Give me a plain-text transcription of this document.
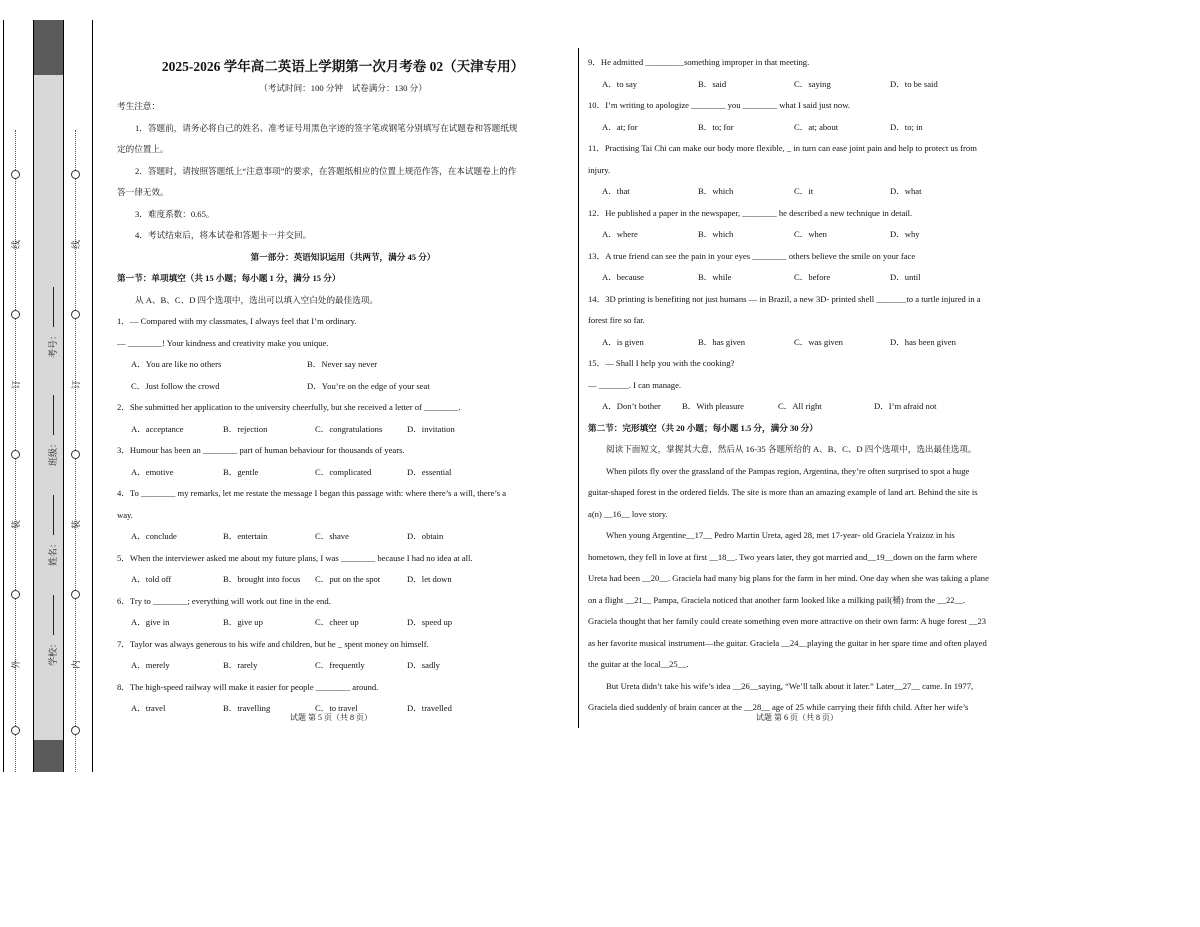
线
订
装
外
线
订
装
内
学校：
姓名：
班级：
考号：
2025-2026 学年高二英语上学期第一次月考卷 02（天津专用）
（考试时间：100 分钟　试卷满分：130 分）
考生注意：
1．答题前，请务必将自己的姓名、准考证号用黑色字迹的签字笔或钢笔分别填写在试题卷和答题纸规
定的位置上。
2．答题时，请按照答题纸上“注意事项”的要求，在答题纸相应的位置上规范作答，在本试题卷上的作
答一律无效。
3．难度系数：0.65。
4．考试结束后，将本试卷和答题卡一并交回。
第一部分：英语知识运用（共两节，满分 45 分）
第一节：单项填空（共 15 小题；每小题 1 分，满分 15 分）
从 A、B、C、D 四个选项中，选出可以填入空白处的最佳选项。
1．— Compared with my classmates, I always feel that I’m ordinary.
— ________! Your kindness and creativity make you unique.
A．You are like no others	B．Never say never
C．Just follow the crowd	D．You’re on the edge of your seat
2．She submitted her application to the university cheerfully, but she received a letter of ________.
A．acceptance	B．rejection	C．congratulations	D．invitation
3．Humour has been an ________ part of human behaviour for thousands of years.
A．emotive	B．gentle	C．complicated	D．essential
4．To ________ my remarks, let me restate the message I began this passage with: where there’s a will, there’s a
way.
A．conclude	B．entertain	C．shave	D．obtain
5．When the interviewer asked me about my future plans, I was ________ because I had no idea at all.
A．told off	B．brought into focus	C．put on the spot	D．let down
6．Try to ________; everything will work out fine in the end.
A．give in	B．give up	C．cheer up	D．speed up
7．Taylor was always generous to his wife and children, but he _ spent money on himself.
A．merely	B．rarely	C．frequently	D．sadly
8．The high-speed railway will make it easier for people ________ around.
A．travel	B．travelling	C．to travel	D．travelled
试题 第 5 页（共 8 页）
9．He admitted _________something improper in that meeting.
A．to say	B．said	C．saying	D．to be said
10．I’m writing to apologize ________ you ________ what I said just now.
A．at; for	B．to; for	C．at; about	D．to; in
11．Practising Tai Chi can make our body more flexible, _ in turn can ease joint pain and help to protect us from
injury.
A．that	B．which	C．it	D．what
12．He published a paper in the newspaper, ________ he described a new technique in detail.
A．where	B．which	C．when	D．why
13．A true friend can see the pain in your eyes ________ others believe the smile on your face
A．because	B．while	C．before	D．until
14．3D printing is benefiting not just humans — in Brazil, a new 3D- printed shell _______to a turtle injured in a
forest fire so far.
A．is given	B．has given	C．was given	D．has been given
15．— Shall I help you with the cooking?
— _______. I can manage.
A．Don’t bother	B．With pleasure	C．All right	D．I’m afraid not
第二节：完形填空（共 20 小题；每小题 1.5 分，满分 30 分）
阅读下面短文，掌握其大意，然后从 16-35 各题所给的 A、B、C、D 四个选项中，选出最佳选项。
When pilots fly over the grassland of the Pampas region, Argentina, they’re often surprised to spot a huge
guitar-shaped forest in the ordered fields. The site is more than an amazing example of land art. Behind the site is
a(n) __16__ love story.
When young Argentine__17__ Pedro Martin Ureta, aged 28, met 17-year- old Graciela Yraizoz in his
hometown, they fell in love at first __18__. Two years later, they got married and__19__down on the farm where
Ureta had been __20__. Graciela had many big plans for the farm in her mind. One day when she was taking a plane
on a flight __21__ Pampa, Graciela noticed that another farm looked like a milking pail(桶) from the __22__.
Graciela thought that her family could create something even more attractive on their own farm: A huge forest __23
as her favorite musical instrument—the guitar. Graciela __24__playing the guitar in her spare time and often played
the guitar at the local__25__.
But Ureta didn’t take his wife’s idea __26__saying, “We’ll talk about it later.” Later__27__ came. In 1977,
Graciela died suddenly of brain cancer at the __28__ age of 25 while carrying their fifth child. After her wife’s
试题 第 6 页（共 8 页）
